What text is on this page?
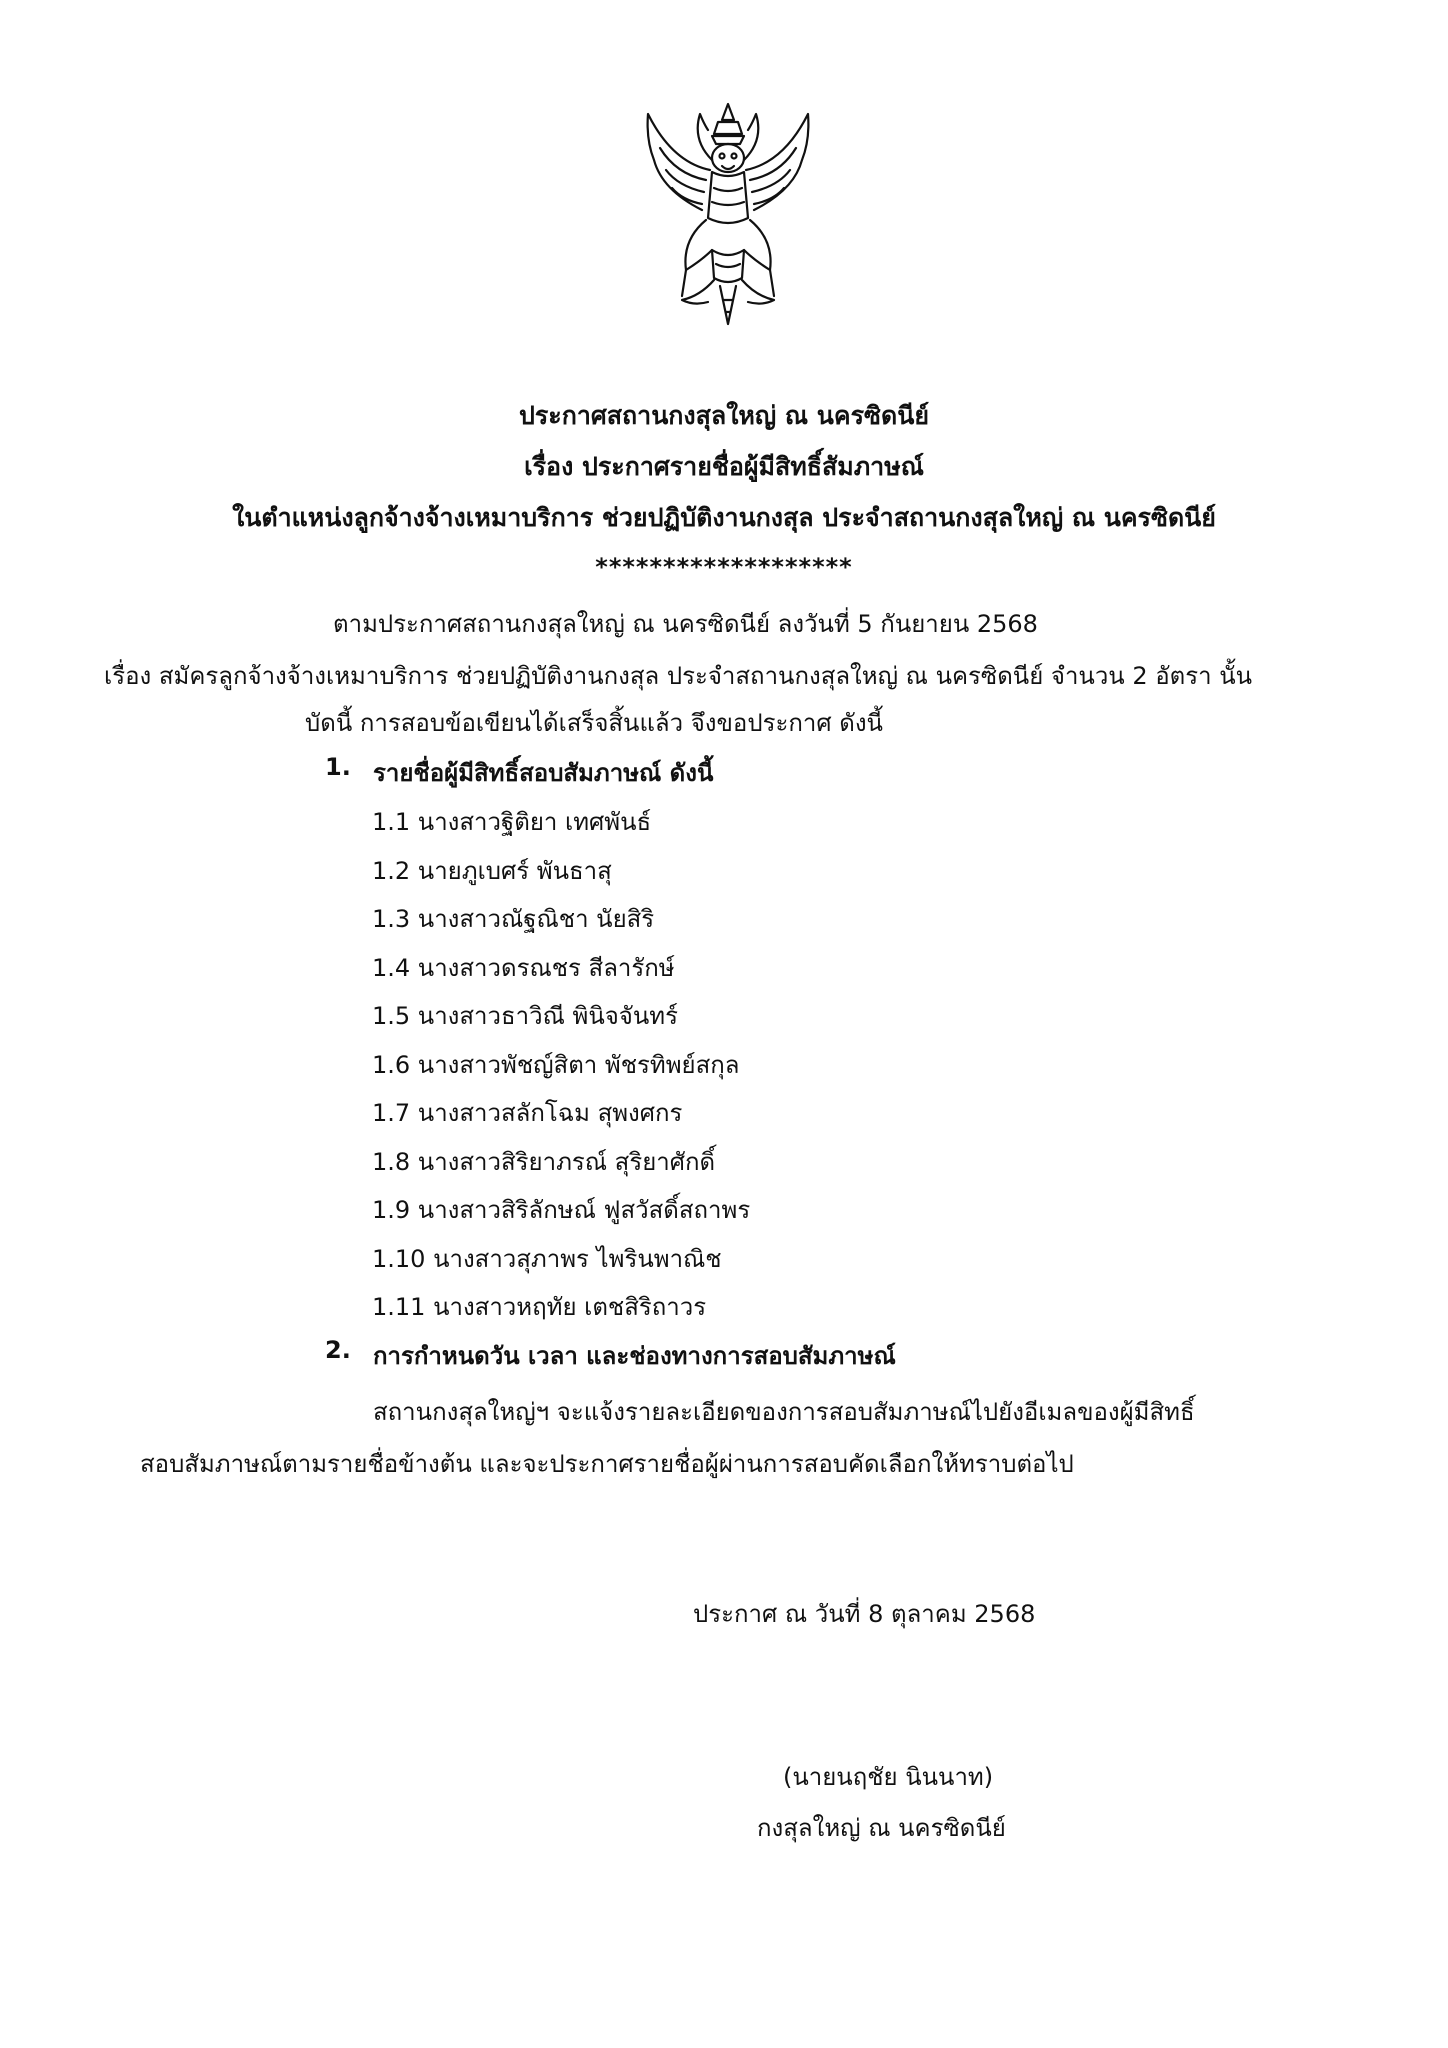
ประกาศสถานกงสุลใหญ่ ณ นครซิดนีย์
เรื่อง ประกาศรายชื่อผู้มีสิทธิ์สัมภาษณ์
ในตำแหน่งลูกจ้างจ้างเหมาบริการ ช่วยปฏิบัติงานกงสุล ประจำสถานกงสุลใหญ่ ณ นครซิดนีย์
*******************
ตามประกาศสถานกงสุลใหญ่ ณ นครซิดนีย์ ลงวันที่ 5 กันยายน 2568
เรื่อง สมัครลูกจ้างจ้างเหมาบริการ ช่วยปฏิบัติงานกงสุล ประจำสถานกงสุลใหญ่ ณ นครซิดนีย์ จำนวน 2 อัตรา นั้น
บัดนี้ การสอบข้อเขียนได้เสร็จสิ้นแล้ว จึงขอประกาศ ดังนี้
1. รายชื่อผู้มีสิทธิ์สอบสัมภาษณ์ ดังนี้
1.1 นางสาวฐิติยา เทศพันธ์
1.2 นายภูเบศร์ พันธาสุ
1.3 นางสาวณัฐณิชา นัยสิริ
1.4 นางสาวดรณชร สีลารักษ์
1.5 นางสาวธาวิณี พินิจจันทร์
1.6 นางสาวพัชญ์สิตา พัชรทิพย์สกุล
1.7 นางสาวสลักโฉม สุพงศกร
1.8 นางสาวสิริยาภรณ์ สุริยาศักดิ์
1.9 นางสาวสิริลักษณ์ ฟูสวัสดิ์สถาพร
1.10 นางสาวสุภาพร ไพรินพาณิช
1.11 นางสาวหฤทัย เตชสิริถาวร
2. การกำหนดวัน เวลา และช่องทางการสอบสัมภาษณ์
สถานกงสุลใหญ่ฯ จะแจ้งรายละเอียดของการสอบสัมภาษณ์ไปยังอีเมลของผู้มีสิทธิ์
สอบสัมภาษณ์ตามรายชื่อข้างต้น และจะประกาศรายชื่อผู้ผ่านการสอบคัดเลือกให้ทราบต่อไป
ประกาศ ณ วันที่ 8 ตุลาคม 2568
(นายนฤชัย นินนาท)
กงสุลใหญ่ ณ นครซิดนีย์
